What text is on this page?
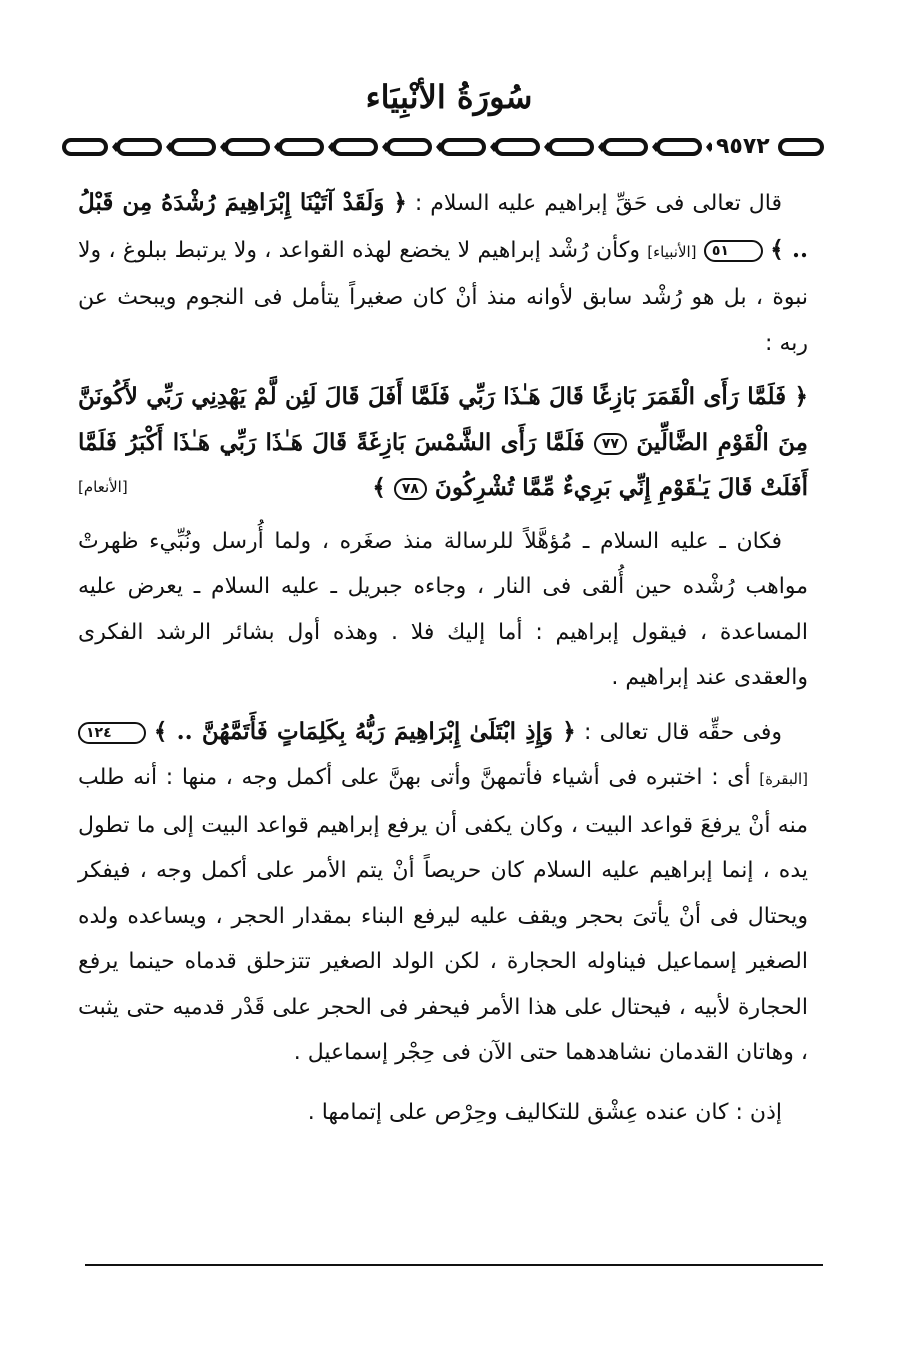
سُورَةُ الأنْبِيَاء
٩٥٧٢

قال تعالى فى حَقِّ إبراهيم عليه السلام : ﴿ وَلَقَدْ آتَيْنَا إِبْرَاهِيمَ رُشْدَهُ مِن قَبْلُ .. ﴾ ٥١ [الأنبياء] وكأن رُشْد إبراهيم لا يخضع لهذه القواعد ، ولا يرتبط ببلوغ ، ولا نبوة ، بل هو رُشْد سابق لأوانه منذ أنْ كان صغيراً يتأمل فى النجوم ويبحث عن ربه :

﴿ فَلَمَّا رَأَى الْقَمَرَ بَازِغًا قَالَ هَـٰذَا رَبِّي فَلَمَّا أَفَلَ قَالَ لَئِن لَّمْ يَهْدِنِي رَبِّي لأَكُونَنَّ مِنَ الْقَوْمِ الضَّالِّينَ ٧٧ فَلَمَّا رَأَى الشَّمْسَ بَازِغَةً قَالَ هَـٰذَا رَبِّي هَـٰذَا أَكْبَرُ فَلَمَّا أَفَلَتْ قَالَ يَـٰقَوْمِ إِنِّي بَرِيءٌ مِّمَّا تُشْرِكُونَ ٧٨ ﴾
[الأنعام]

فكان ـ عليه السلام ـ مُؤهَّلاً للرسالة منذ صغَره ، ولما أُرسل ونُبِّيء ظهرتْ مواهب رُشْده حين أُلقى فى النار ، وجاءه جبريل ـ عليه السلام ـ يعرض عليه المساعدة ، فيقول إبراهيم : أما إليك فلا . وهذه أول بشائر الرشد الفكرى والعقدى عند إبراهيم .

وفى حقِّه قال تعالى : ﴿ وَإِذِ ابْتَلَىٰ إِبْرَاهِيمَ رَبُّهُ بِكَلِمَاتٍ فَأَتَمَّهُنَّ .. ﴾ ١٢٤ [البقرة] أى : اختبره فى أشياء فأتمهنَّ وأتى بهنَّ على أكمل وجه ، منها : أنه طلب منه أنْ يرفعَ قواعد البيت ، وكان يكفى أن يرفع إبراهيم قواعد البيت إلى ما تطول يده ، إنما إبراهيم عليه السلام كان حريصاً أنْ يتم الأمر على أكمل وجه ، فيفكر ويحتال فى أنْ يأتىَ بحجر ويقف عليه ليرفع البناء بمقدار الحجر ، ويساعده ولده الصغير إسماعيل فيناوله الحجارة ، لكن الولد الصغير تتزحلق قدماه حينما يرفع الحجارة لأبيه ، فيحتال على هذا الأمر فيحفر فى الحجر على قَدْر قدميه حتى يثبت ، وهاتان القدمان نشاهدهما حتى الآن فى حِجْر إسماعيل .

إذن : كان عنده عِشْق للتكاليف وحِرْص على إتمامها .
